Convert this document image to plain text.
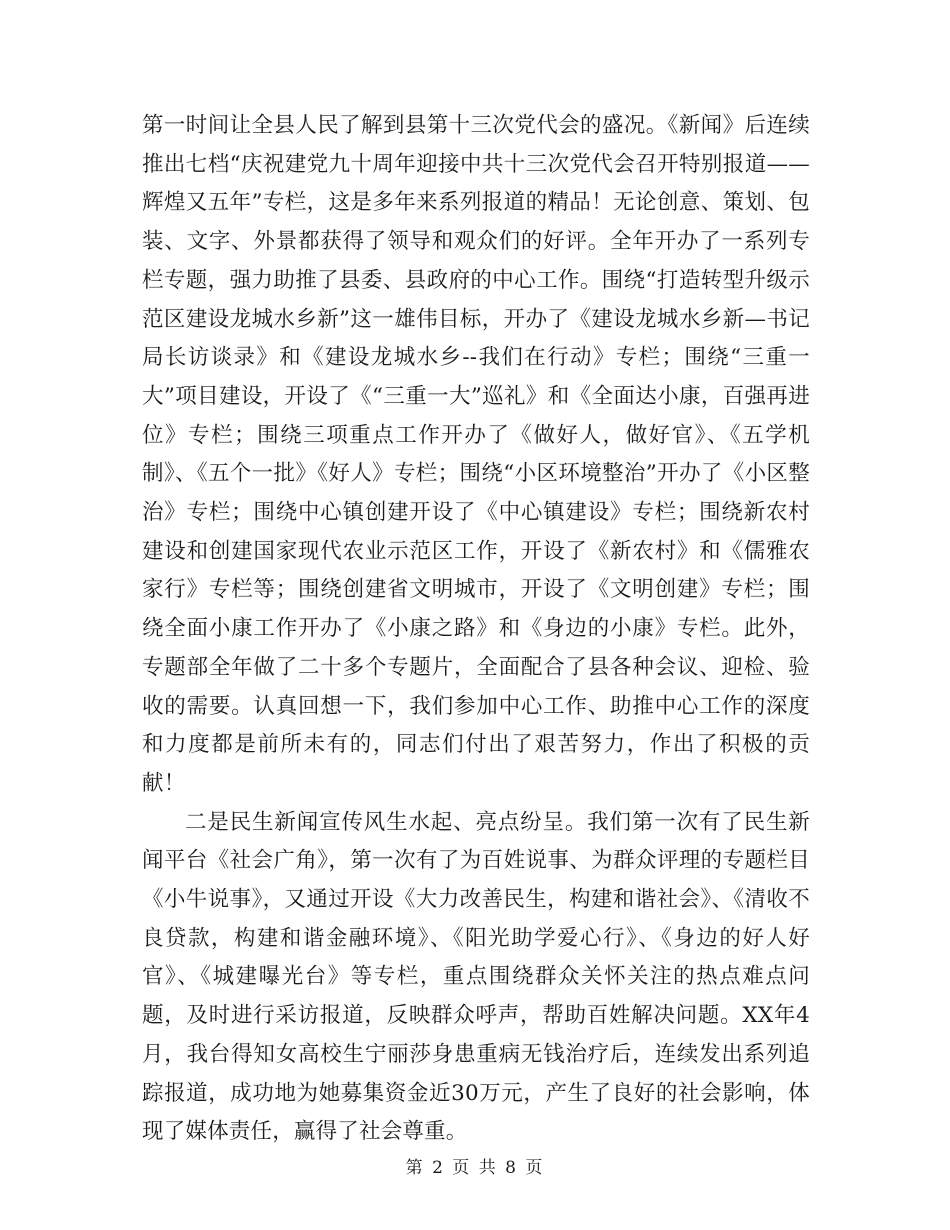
第一时间让全县人民了解到县第十三次党代会的盛况。《新闻》后连续推出七档“庆祝建党九十周年迎接中共十三次党代会召开特别报道——辉煌又五年”专栏，这是多年来系列报道的精品！无论创意、策划、包装、文字、外景都获得了领导和观众们的好评。全年开办了一系列专栏专题，强力助推了县委、县政府的中心工作。围绕“打造转型升级示范区建设龙城水乡新”这一雄伟目标，开办了《建设龙城水乡新—书记局长访谈录》和《建设龙城水乡--我们在行动》专栏；围绕“三重一大”项目建设，开设了《“三重一大”巡礼》和《全面达小康，百强再进位》专栏；围绕三项重点工作开办了《做好人，做好官》、《五学机制》、《五个一批》《好人》专栏；围绕“小区环境整治”开办了《小区整治》专栏；围绕中心镇创建开设了《中心镇建设》专栏；围绕新农村建设和创建国家现代农业示范区工作，开设了《新农村》和《儒雅农家行》专栏等；围绕创建省文明城市，开设了《文明创建》专栏；围绕全面小康工作开办了《小康之路》和《身边的小康》专栏。此外，专题部全年做了二十多个专题片，全面配合了县各种会议、迎检、验收的需要。认真回想一下，我们参加中心工作、助推中心工作的深度和力度都是前所未有的，同志们付出了艰苦努力，作出了积极的贡献！

二是民生新闻宣传风生水起、亮点纷呈。我们第一次有了民生新闻平台《社会广角》，第一次有了为百姓说事、为群众评理的专题栏目《小牛说事》，又通过开设《大力改善民生，构建和谐社会》、《清收不良贷款，构建和谐金融环境》、《阳光助学爱心行》、《身边的好人好官》、《城建曝光台》等专栏，重点围绕群众关怀关注的热点难点问题，及时进行采访报道，反映群众呼声，帮助百姓解决问题。XX年4月，我台得知女高校生宁丽莎身患重病无钱治疗后，连续发出系列追踪报道，成功地为她募集资金近30万元，产生了良好的社会影响，体现了媒体责任，赢得了社会尊重。

第 2 页 共 8 页
